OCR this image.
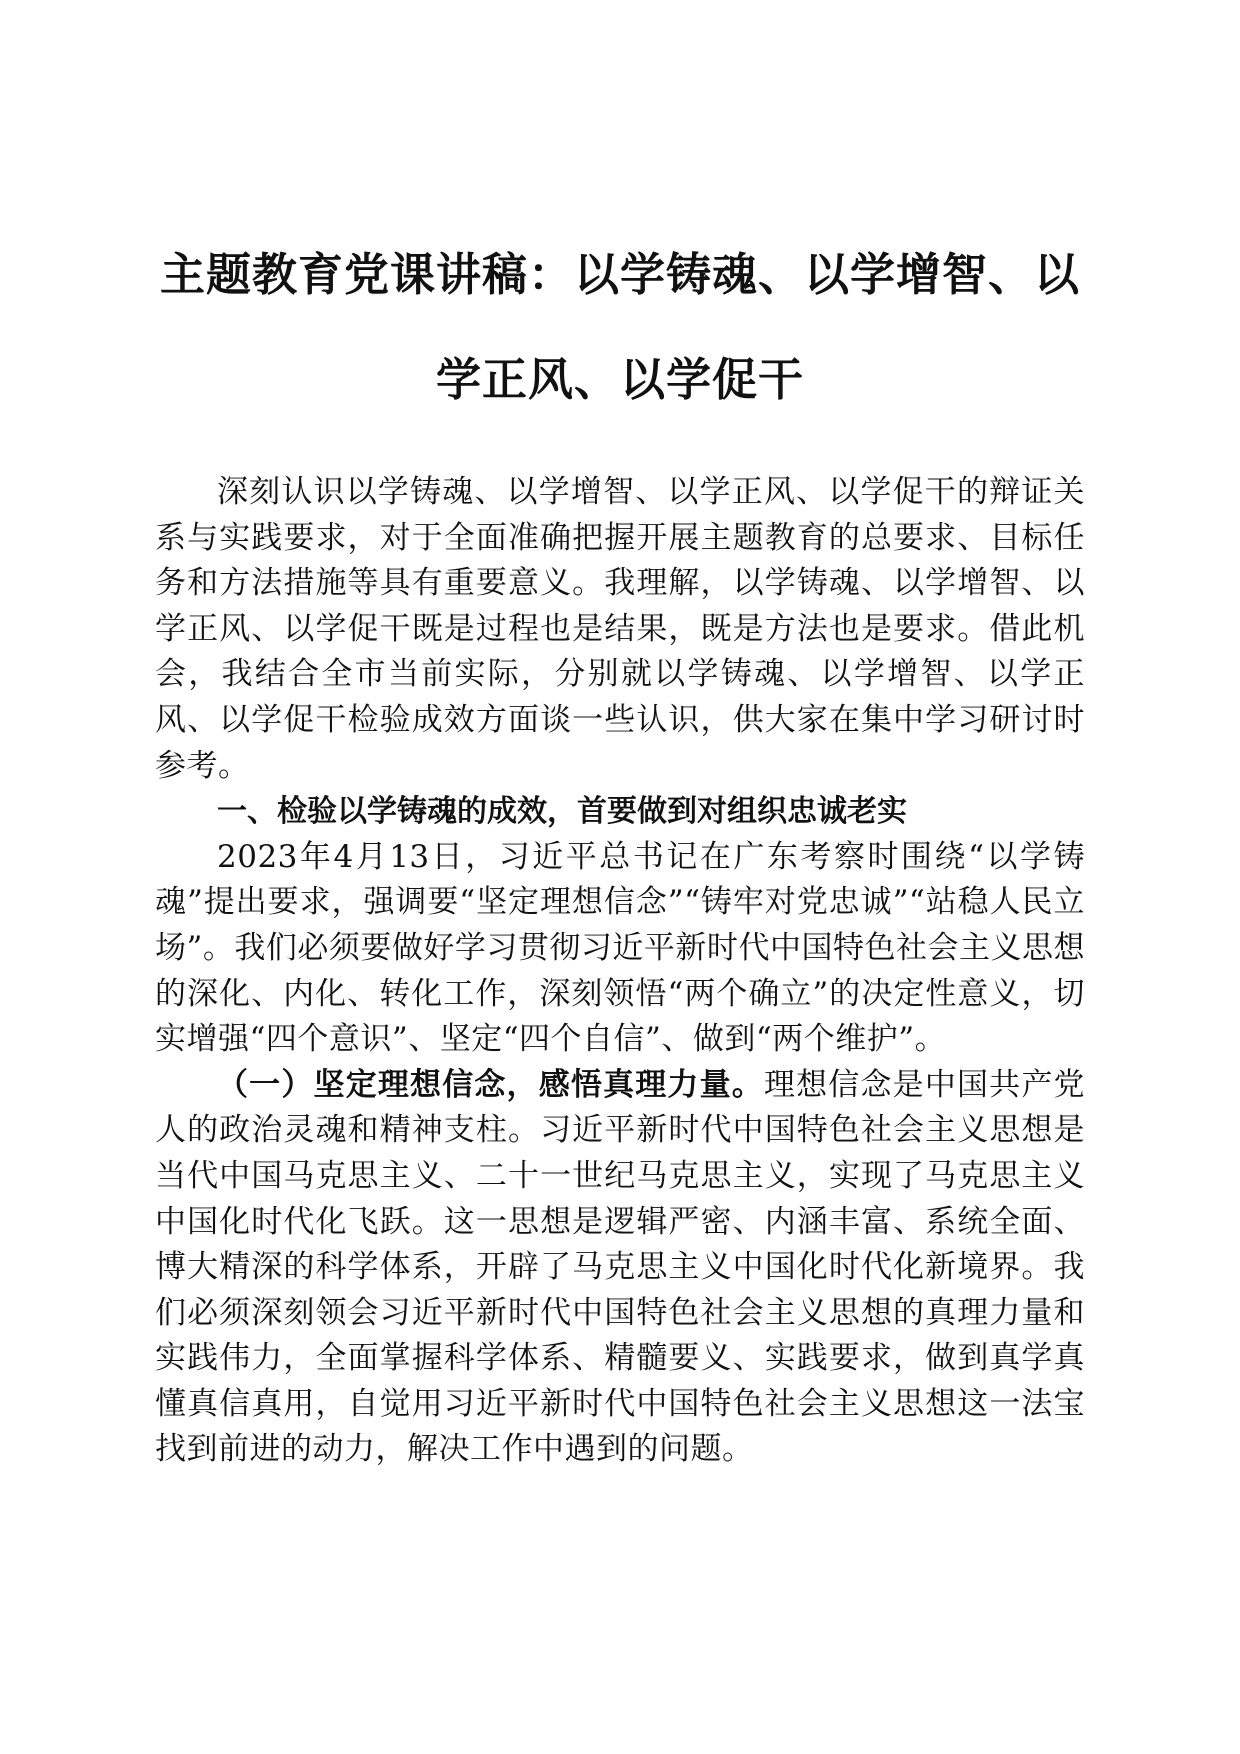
主题教育党课讲稿：以学铸魂、以学增智、以学正风、以学促干

深刻认识以学铸魂、以学增智、以学正风、以学促干的辩证关系与实践要求，对于全面准确把握开展主题教育的总要求、目标任务和方法措施等具有重要意义。我理解，以学铸魂、以学增智、以学正风、以学促干既是过程也是结果，既是方法也是要求。借此机会，我结合全市当前实际，分别就以学铸魂、以学增智、以学正风、以学促干检验成效方面谈一些认识，供大家在集中学习研讨时参考。

一、检验以学铸魂的成效，首要做到对组织忠诚老实

2023年4月13日，习近平总书记在广东考察时围绕“以学铸魂”提出要求，强调要“坚定理想信念”“铸牢对党忠诚”“站稳人民立场”。我们必须要做好学习贯彻习近平新时代中国特色社会主义思想的深化、内化、转化工作，深刻领悟“两个确立”的决定性意义，切实增强“四个意识”、坚定“四个自信”、做到“两个维护”。

（一）坚定理想信念，感悟真理力量。理想信念是中国共产党人的政治灵魂和精神支柱。习近平新时代中国特色社会主义思想是当代中国马克思主义、二十一世纪马克思主义，实现了马克思主义中国化时代化飞跃。这一思想是逻辑严密、内涵丰富、系统全面、博大精深的科学体系，开辟了马克思主义中国化时代化新境界。我们必须深刻领会习近平新时代中国特色社会主义思想的真理力量和实践伟力，全面掌握科学体系、精髓要义、实践要求，做到真学真懂真信真用，自觉用习近平新时代中国特色社会主义思想这一法宝找到前进的动力，解决工作中遇到的问题。
